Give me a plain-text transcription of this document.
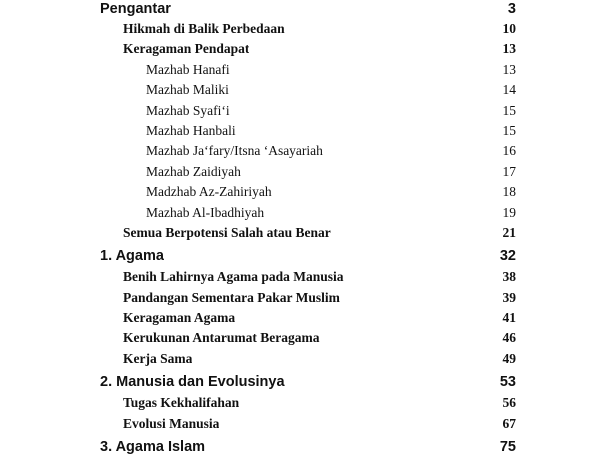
Pengantar	3
Hikmah di Balik Perbedaan	10
Keragaman Pendapat	13
Mazhab Hanafi	13
Mazhab Maliki	14
Mazhab Syafi‘i	15
Mazhab Hanbali	15
Mazhab Ja‘fary/Itsna ‘Asayariah	16
Mazhab Zaidiyah	17
Madzhab Az-Zahiriyah	18
Mazhab Al-Ibadhiyah	19
Semua Berpotensi Salah atau Benar	21
1. Agama	32
Benih Lahirnya Agama pada Manusia	38
Pandangan Sementara Pakar Muslim	39
Keragaman Agama	41
Kerukunan Antarumat Beragama	46
Kerja Sama	49
2. Manusia dan Evolusinya	53
Tugas Kekhalifahan	56
Evolusi Manusia	67
3. Agama Islam	75
